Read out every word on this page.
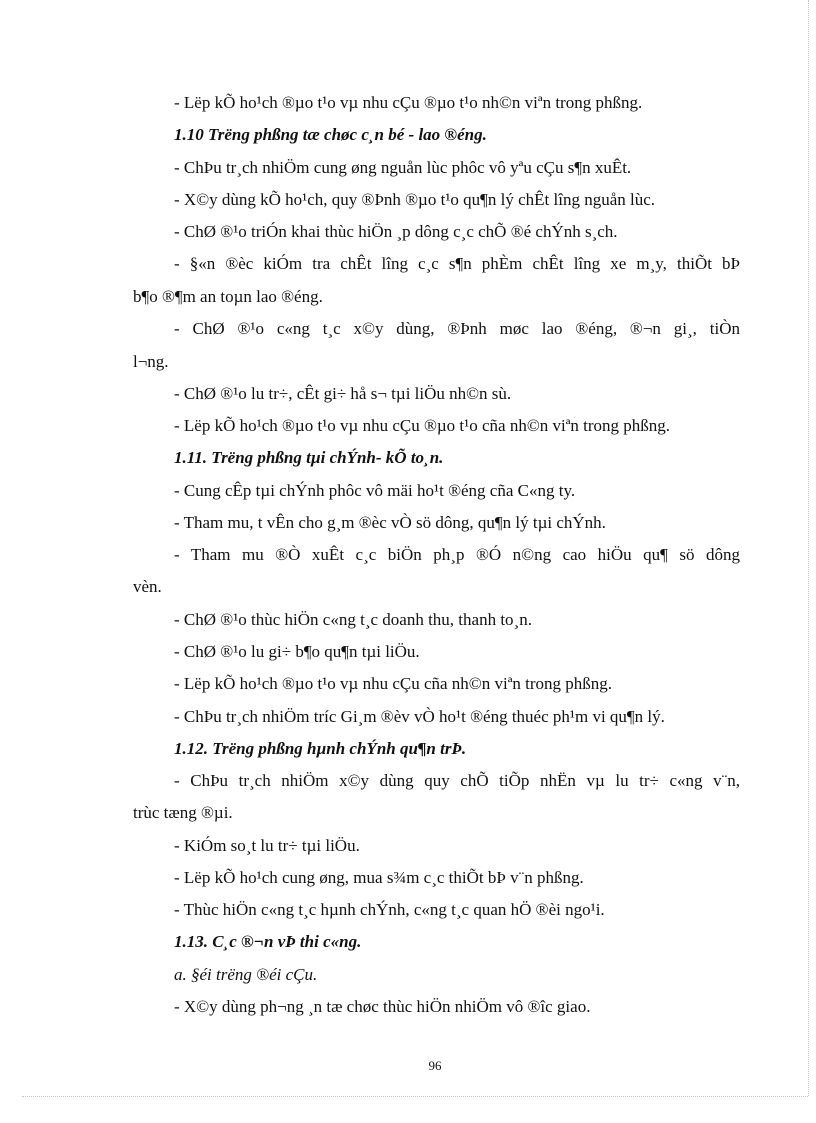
- Lëp kÕ ho¹ch ®µo t¹o vµ nhu cÇu ®µo t¹o nh©n viªn trong phßng.
1.10 Trëng phßng tæ chøc c¸n bé - lao ®éng.
- ChÞu tr¸ch nhiÖm cung øng nguån lùc phôc vô yªu cÇu s¶n xuÊt.
- X©y dùng kÕ ho¹ch, quy ®Þnh ®µo t¹o qu¶n lý chÊt lîng nguån lùc.
- ChØ ®¹o triÓn khai thùc hiÖn ¸p dông c¸c chÕ ®é chÝnh s¸ch.
- §«n ®èc kiÓm tra chÊt lîng c¸c s¶n phÈm chÊt lîng xe m¸y, thiÕt bÞ
b¶o ®¶m an toµn lao ®éng.
- ChØ ®¹o c«ng t¸c x©y dùng, ®Þnh møc lao ®éng, ®¬n gi¸, tiÒn
l¬ng.
- ChØ ®¹o lu tr÷, cÊt gi÷ hå s¬ tµi liÖu nh©n sù.
- Lëp kÕ ho¹ch ®µo t¹o vµ nhu cÇu ®µo t¹o cña nh©n viªn trong phßng.
1.11. Trëng phßng tµi chÝnh- kÕ to¸n.
- Cung cÊp tµi chÝnh phôc vô mäi ho¹t ®éng cña C«ng ty.
- Tham mu, t vÊn cho g¸m ®èc vÒ sö dông, qu¶n lý tµi chÝnh.
- Tham mu ®Ò xuÊt c¸c biÖn ph¸p ®Ó n©ng cao hiÖu qu¶ sö dông
vèn.
- ChØ ®¹o thùc hiÖn c«ng t¸c doanh thu, thanh to¸n.
- ChØ ®¹o lu gi÷ b¶o qu¶n tµi liÖu.
- Lëp kÕ ho¹ch ®µo t¹o vµ nhu cÇu cña nh©n viªn trong phßng.
- ChÞu tr¸ch nhiÖm tríc Gi¸m ®èv vÒ ho¹t ®éng thuéc ph¹m vi qu¶n lý.
1.12. Trëng phßng hµnh chÝnh qu¶n trÞ.
- ChÞu tr¸ch nhiÖm x©y dùng quy chÕ tiÕp nhËn vµ lu tr÷ c«ng v¨n,
trùc tæng ®µi.
- KiÓm so¸t lu tr÷ tµi liÖu.
- Lëp kÕ ho¹ch cung øng, mua s¾m c¸c thiÕt bÞ v¨n phßng.
- Thùc hiÖn c«ng t¸c hµnh chÝnh, c«ng t¸c quan hÖ ®èi ngo¹i.
1.13. C¸c ®¬n vÞ thi c«ng.
a. §éi trëng ®éi cÇu.
- X©y dùng ph¬ng ¸n tæ chøc thùc hiÖn nhiÖm vô ®îc giao.
96
